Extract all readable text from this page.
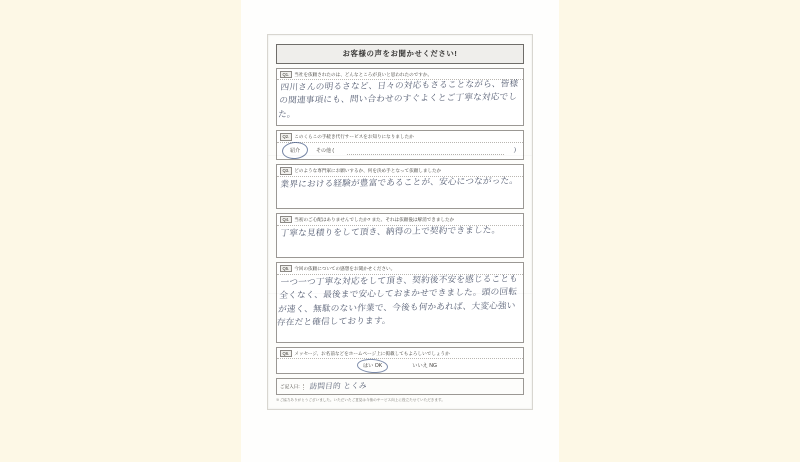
お客様の声をお聞かせください!
Q1. 当社を依頼されたのは、どんなところが良いと思われたのですか。
四川さんの明るさなど、日々の対応もさることながら、皆様の関連事項にも、問い合わせのすぐよくとご丁寧な対応でした。
Q2. このくらこの手続き代行サービスをお知りになりましたか
紹介	その他 (	)
Q3. どのような専門家にお願いするか、何を決め手となって依頼しましたか
業界における経験が豊富であることが、安心につながった。
Q4. 当初のご心配はありませんでしたか? また、それは依頼後は解消できましたか
丁寧な見積りをして頂き、納得の上で契約できました。
Q5. 今回の依頼についての感想をお聞かせください。
一つ一つ丁寧な対応をして頂き、契約後不安を感じることも全くなく、最後まで安心しておまかせできました。頭の回転が速く、無駄のない作業で、今後も何かあれば、大変心強い存在だと確信しております。
Q6. メッセージ、お名前などをホームページ上に掲載してもよろしいでしょうか
はい OK	いいえ NG
ご記入日:	訪問目的 とくみ
※ご協力ありがとうございました。いただいたご意見は今後のサービス向上に役立たせていただきます。
